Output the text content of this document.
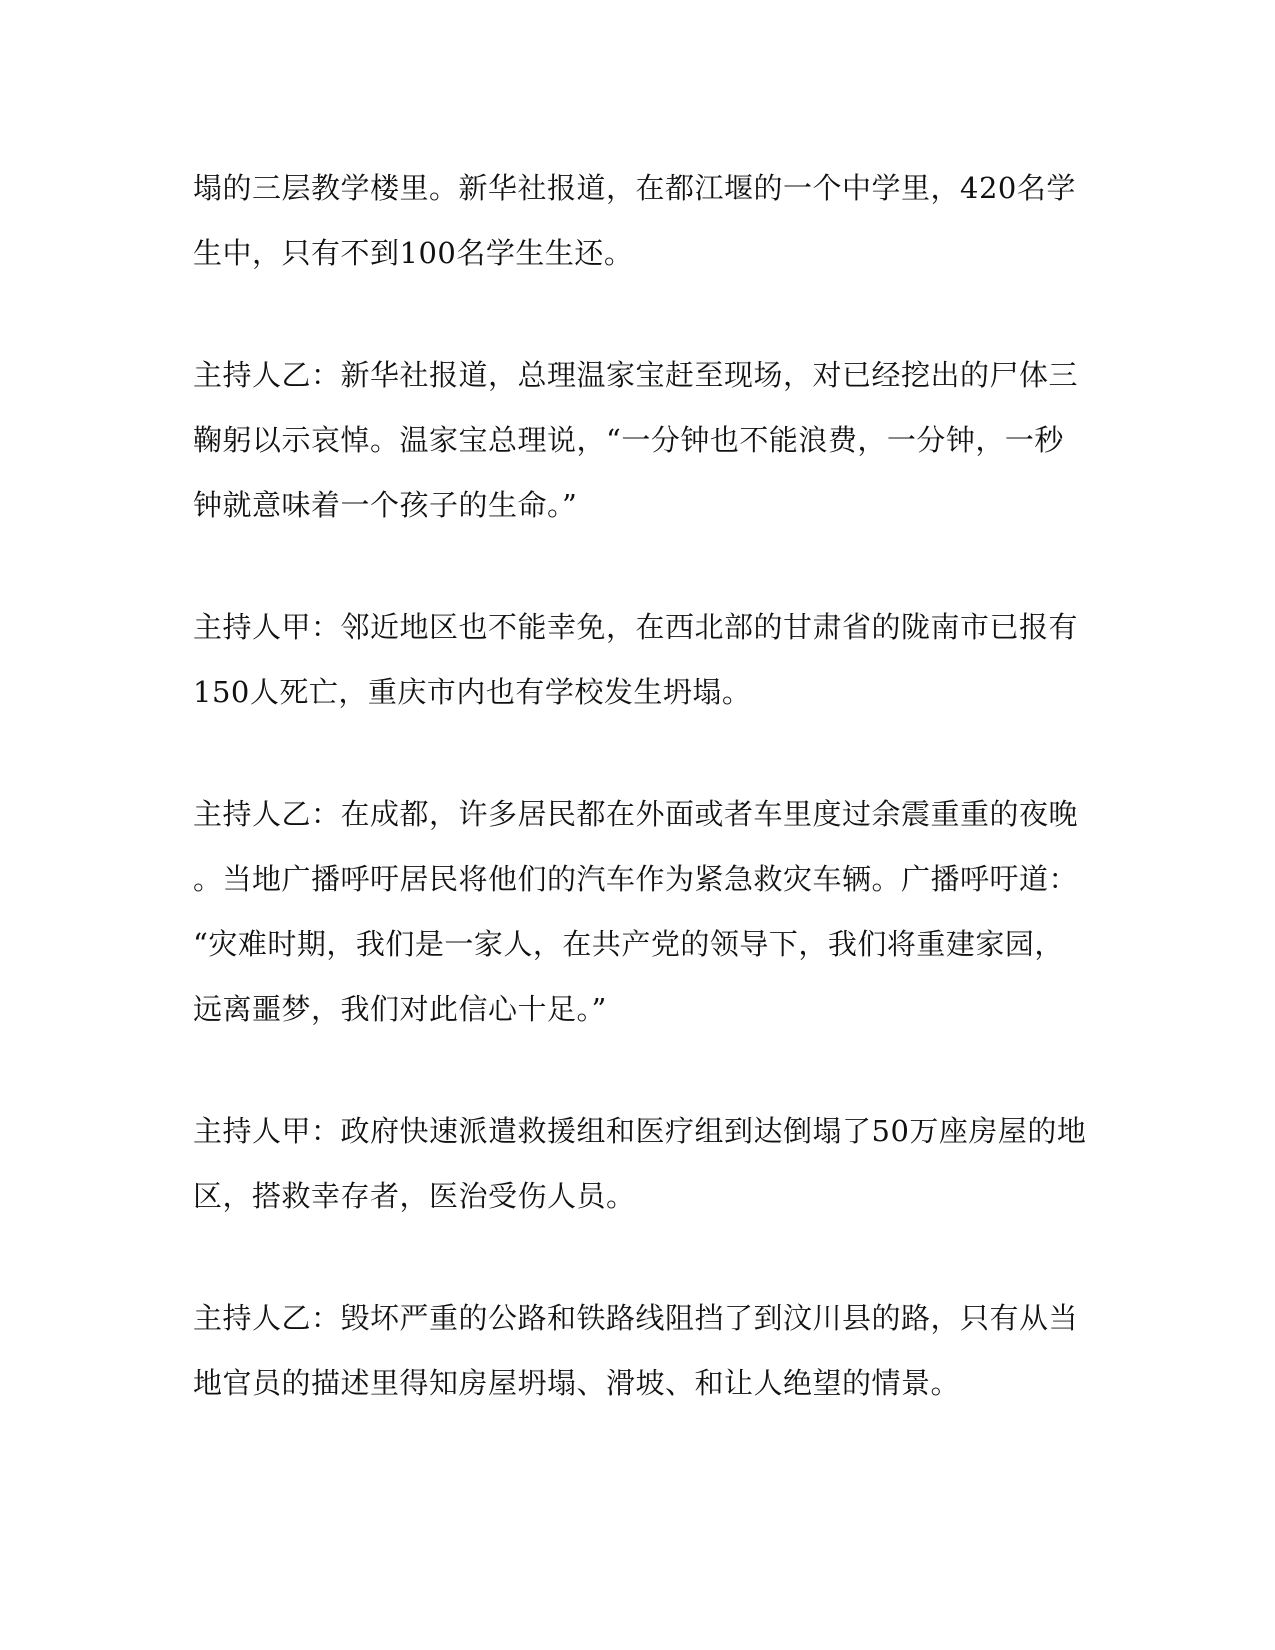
塌的三层教学楼里。新华社报道，在都江堰的一个中学里，420名学
生中，只有不到100名学生生还。
主持人乙：新华社报道，总理温家宝赶至现场，对已经挖出的尸体三
鞠躬以示哀悼。温家宝总理说，“一分钟也不能浪费，一分钟，一秒
钟就意味着一个孩子的生命。”
主持人甲：邻近地区也不能幸免，在西北部的甘肃省的陇南市已报有
150人死亡，重庆市内也有学校发生坍塌。
主持人乙：在成都，许多居民都在外面或者车里度过余震重重的夜晚
。当地广播呼吁居民将他们的汽车作为紧急救灾车辆。广播呼吁道：
“灾难时期，我们是一家人，在共产党的领导下，我们将重建家园，
远离噩梦，我们对此信心十足。”
主持人甲：政府快速派遣救援组和医疗组到达倒塌了50万座房屋的地
区，搭救幸存者，医治受伤人员。
主持人乙：毁坏严重的公路和铁路线阻挡了到汶川县的路，只有从当
地官员的描述里得知房屋坍塌、滑坡、和让人绝望的情景。
